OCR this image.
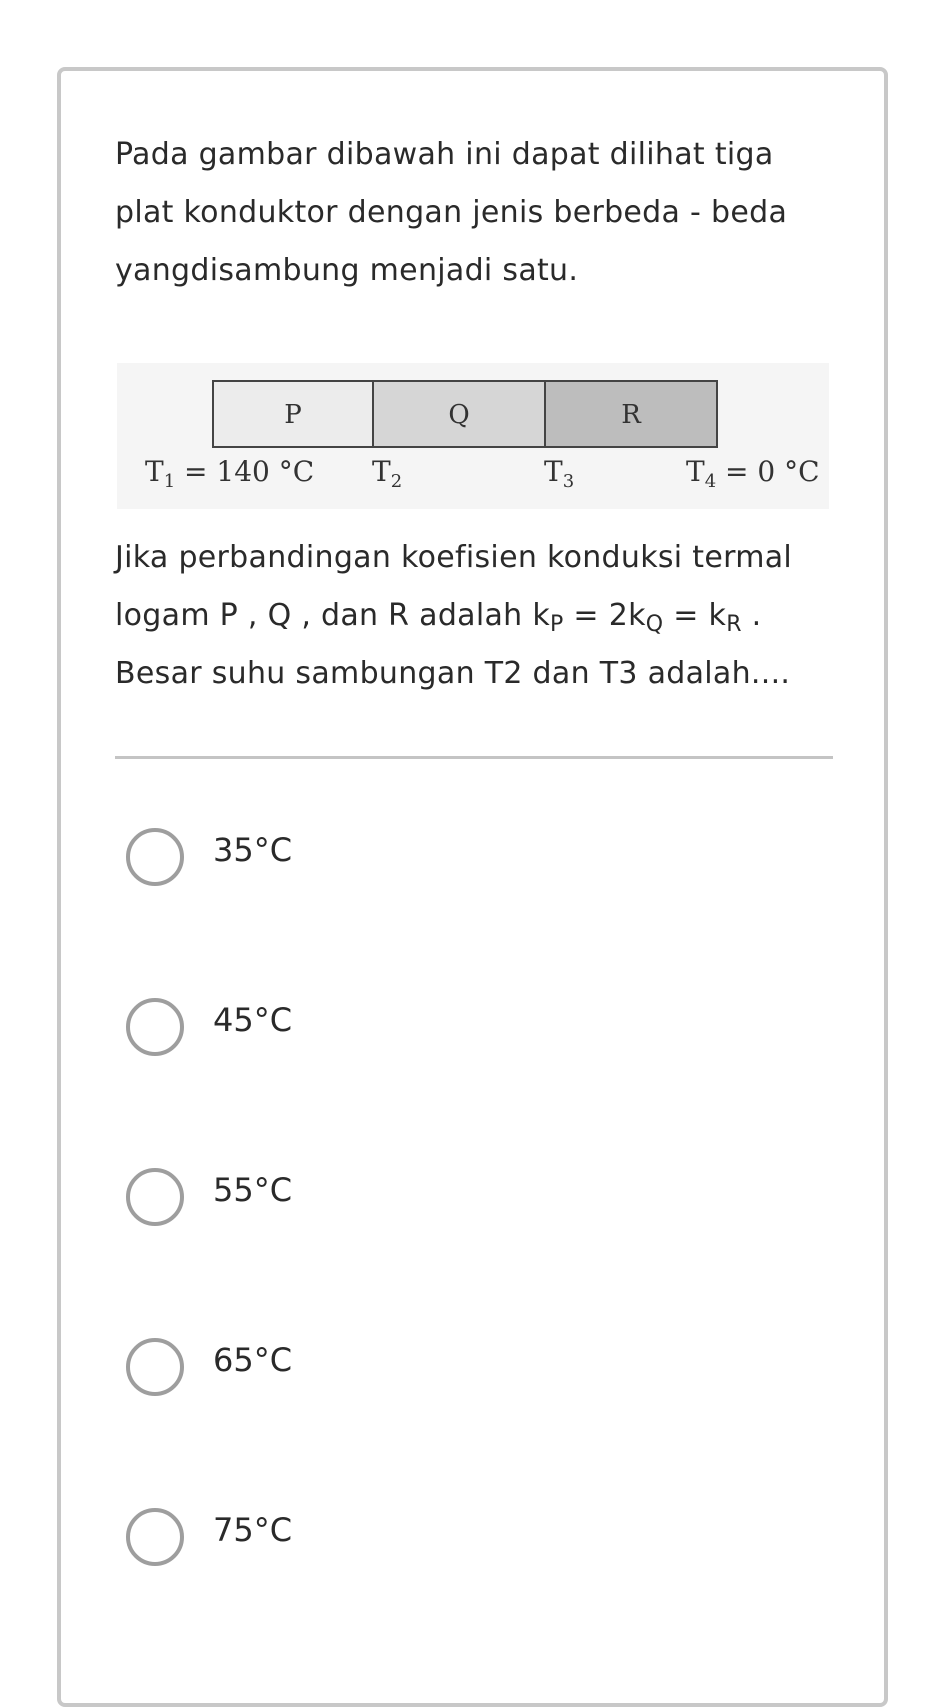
Pada gambar dibawah ini dapat dilihat tiga plat konduktor dengan jenis berbeda - beda yangdisambung menjadi satu.
P	Q	R
$T_1 = 140$ °C $T_2$	$T_3$	$T_4 = 0$ °C
Jika perbandingan koefisien konduksi termal logam P , Q , dan R adalah $k_P = 2k_Q = k_R$ . Besar suhu sambungan T2 dan T3 adalah....
35°C
45°C
55°C
65°C
75°C
